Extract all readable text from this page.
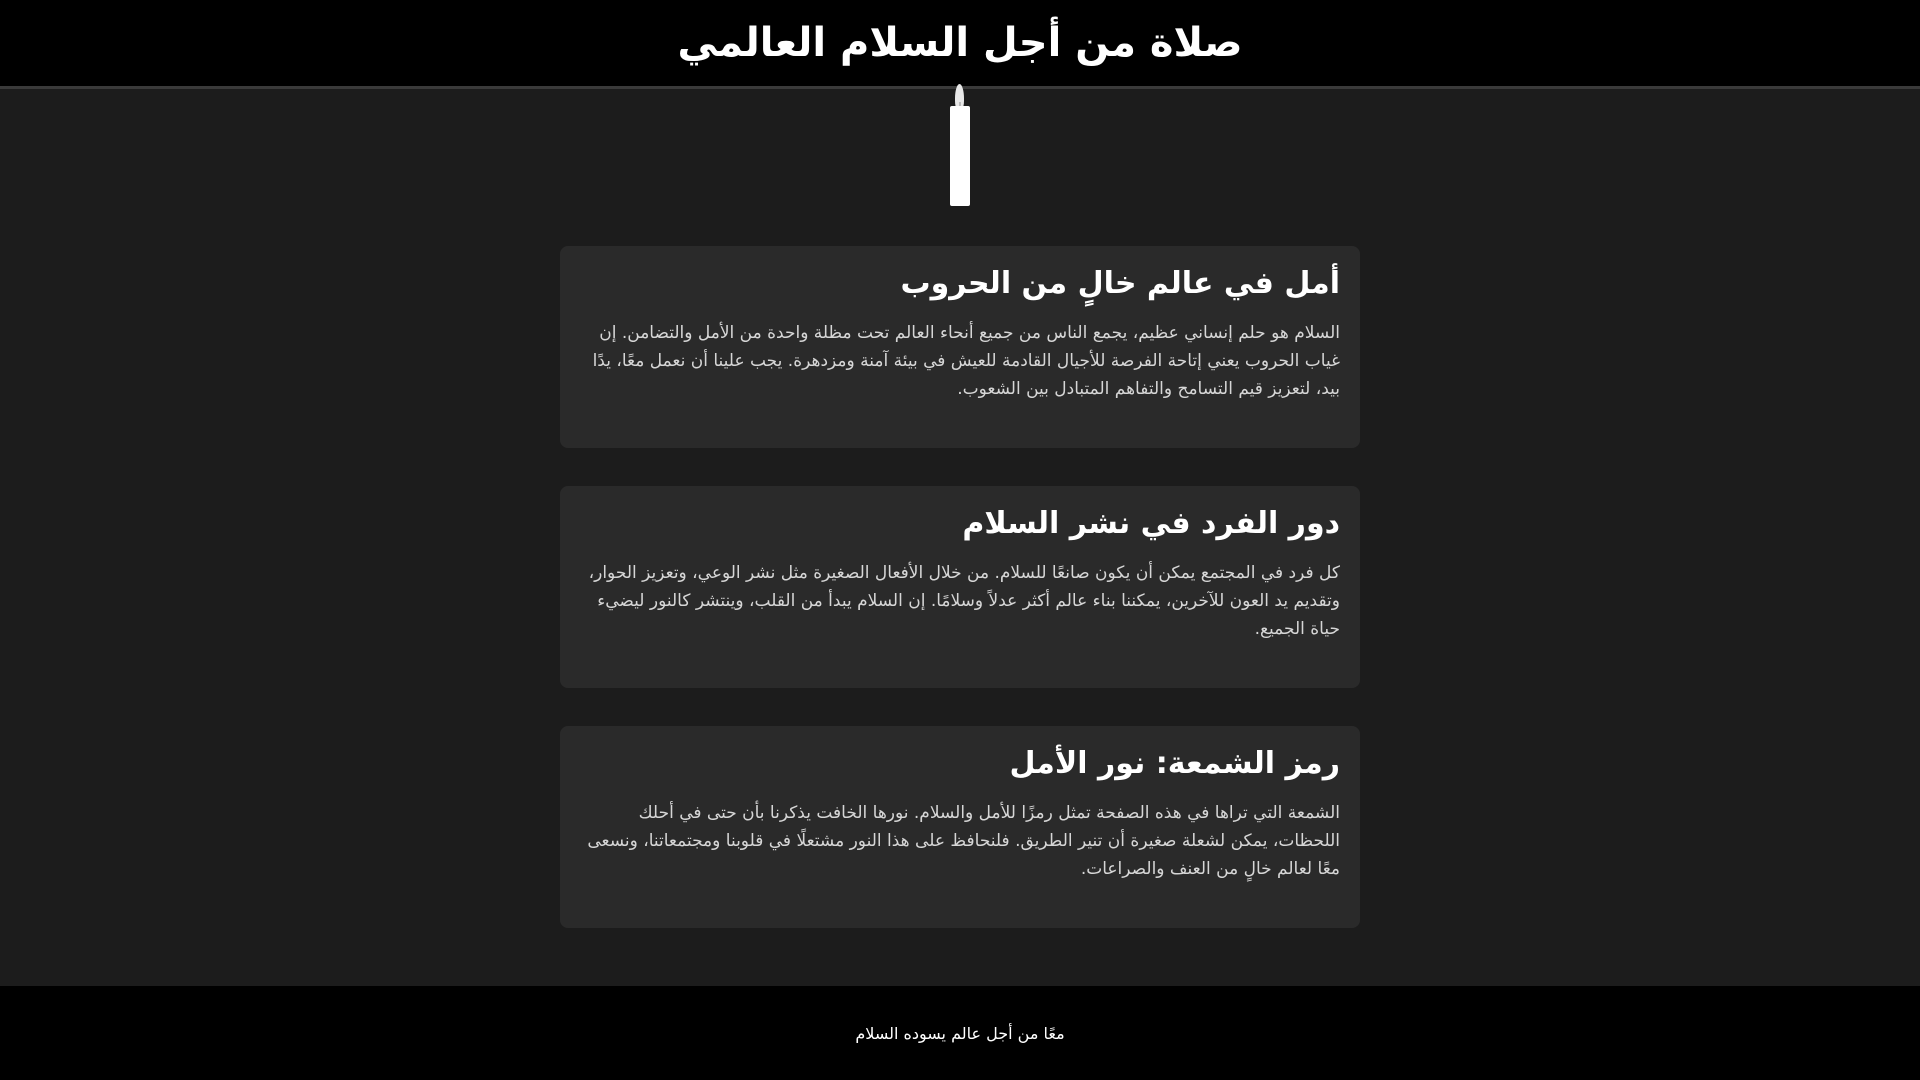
صلاة من أجل السلام العالمي
أمل في عالم خالٍ من الحروب

السلام هو حلم إنساني عظيم، يجمع الناس من جميع أنحاء العالم تحت مظلة واحدة من الأمل والتضامن. إن غياب الحروب يعني إتاحة الفرصة للأجيال القادمة للعيش في بيئة آمنة ومزدهرة. يجب علينا أن نعمل معًا، يدًا بيد، لتعزيز قيم التسامح والتفاهم المتبادل بين الشعوب.

دور الفرد في نشر السلام

كل فرد في المجتمع يمكن أن يكون صانعًا للسلام. من خلال الأفعال الصغيرة مثل نشر الوعي، وتعزيز الحوار، وتقديم يد العون للآخرين، يمكننا بناء عالم أكثر عدلاً وسلامًا. إن السلام يبدأ من القلب، وينتشر كالنور ليضيء حياة الجميع.

رمز الشمعة: نور الأمل

الشمعة التي تراها في هذه الصفحة تمثل رمزًا للأمل والسلام. نورها الخافت يذكرنا بأن حتى في أحلك اللحظات، يمكن لشعلة صغيرة أن تنير الطريق. فلنحافظ على هذا النور مشتعلًا في قلوبنا ومجتمعاتنا، ونسعى معًا لعالم خالٍ من العنف والصراعات.

معًا من أجل عالم يسوده السلام
